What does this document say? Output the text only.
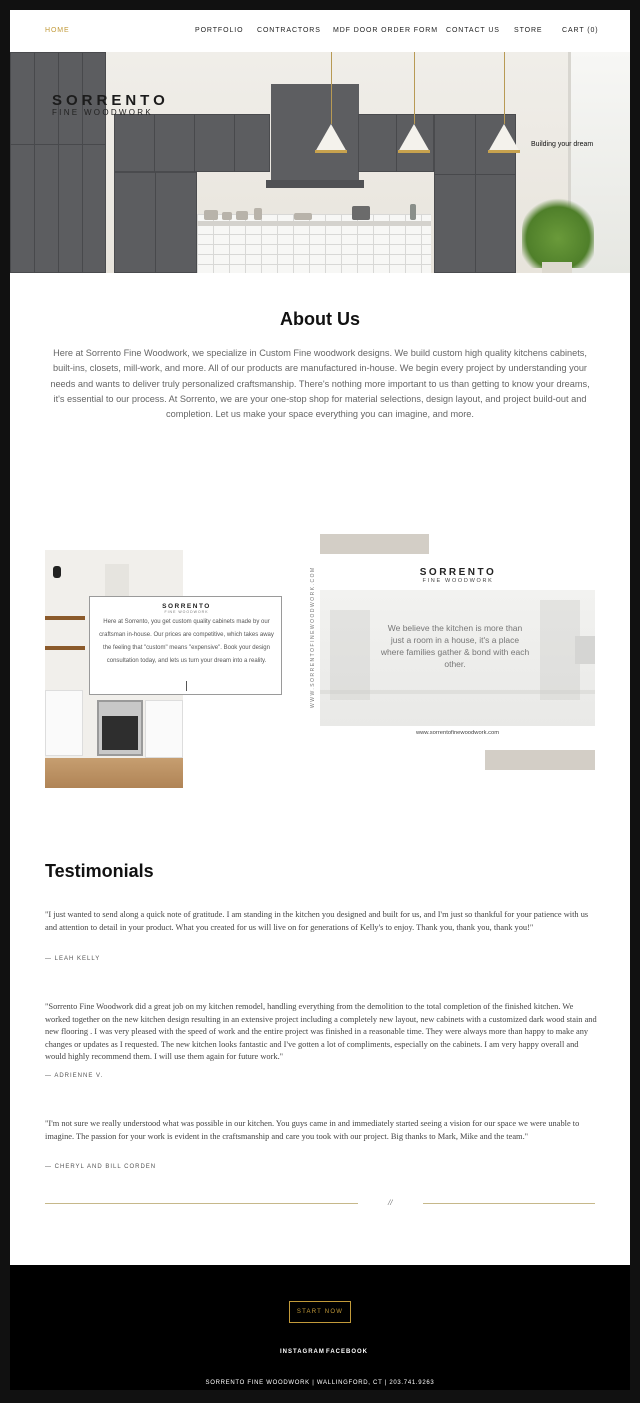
HOME	PORTFOLIO CONTRACTORS MDF DOOR ORDER FORM CONTACT US STORE	CART (0)
SORRENTO
FINE WOODWORK
Building your dream
About Us

Here at Sorrento Fine Woodwork, we specialize in Custom Fine woodwork designs. We build custom high quality kitchens cabinets, built-ins, closets, mill-work, and more. All of our products are manufactured in-house. We begin every project by understanding your needs and wants to deliver truly personalized craftsmanship. There's nothing more important to us than getting to know your dreams, it's essential to our process. At Sorrento, we are your one-stop shop for material selections, design layout, and project build-out and completion. Let us make your space everything you can imagine, and more.

SORRENTO
FINE WOODWORK
Here at Sorrento, you get custom quality cabinets made by our craftsman in-house. Our prices are competitive, which takes away the feeling that "custom" means "expensive". Book your design consultation today, and lets us turn your dream into a reality.	WWW.SORRENTOFINEWOODWORK.COM	SORRENTO
FINE WOODWORK
We believe the kitchen is more than just a room in a house, it's a place where families gather & bond with each other.
www.sorrentofinewoodwork.com
Testimonials

"I just wanted to send along a quick note of gratitude. I am standing in the kitchen you designed and built for us, and I'm just so thankful for your patience with us and attention to detail in your product. What you created for us will live on for generations of Kelly's to enjoy. Thank you, thank you, thank you!"

— LEAH KELLY

"Sorrento Fine Woodwork did a great job on my kitchen remodel, handling everything from the demolition to the total completion of the finished kitchen. We worked together on the new kitchen design resulting in an extensive project including a completely new layout, new cabinets with a customized dark wood stain and new flooring . I was very pleased with the speed of work and the entire project was finished in a reasonable time. They were always more than happy to make any changes or updates as I requested. The new kitchen looks fantastic and I've gotten a lot of compliments, especially on the cabinets. I am very happy overall and would highly recommend them. I will use them again for future work."

— ADRIENNE V.

"I'm not sure we really understood what was possible in our kitchen. You guys came in and immediately started seeing a vision for our space we were unable to imagine. The passion for your work is evident in the craftsmanship and care you took with our project. Big thanks to Mark, Mike and the team."

— CHERYL AND BILL CORDEN
//
START NOW
INSTAGRAM FACEBOOK
SORRENTO FINE WOODWORK | WALLINGFORD, CT | 203.741.9263
